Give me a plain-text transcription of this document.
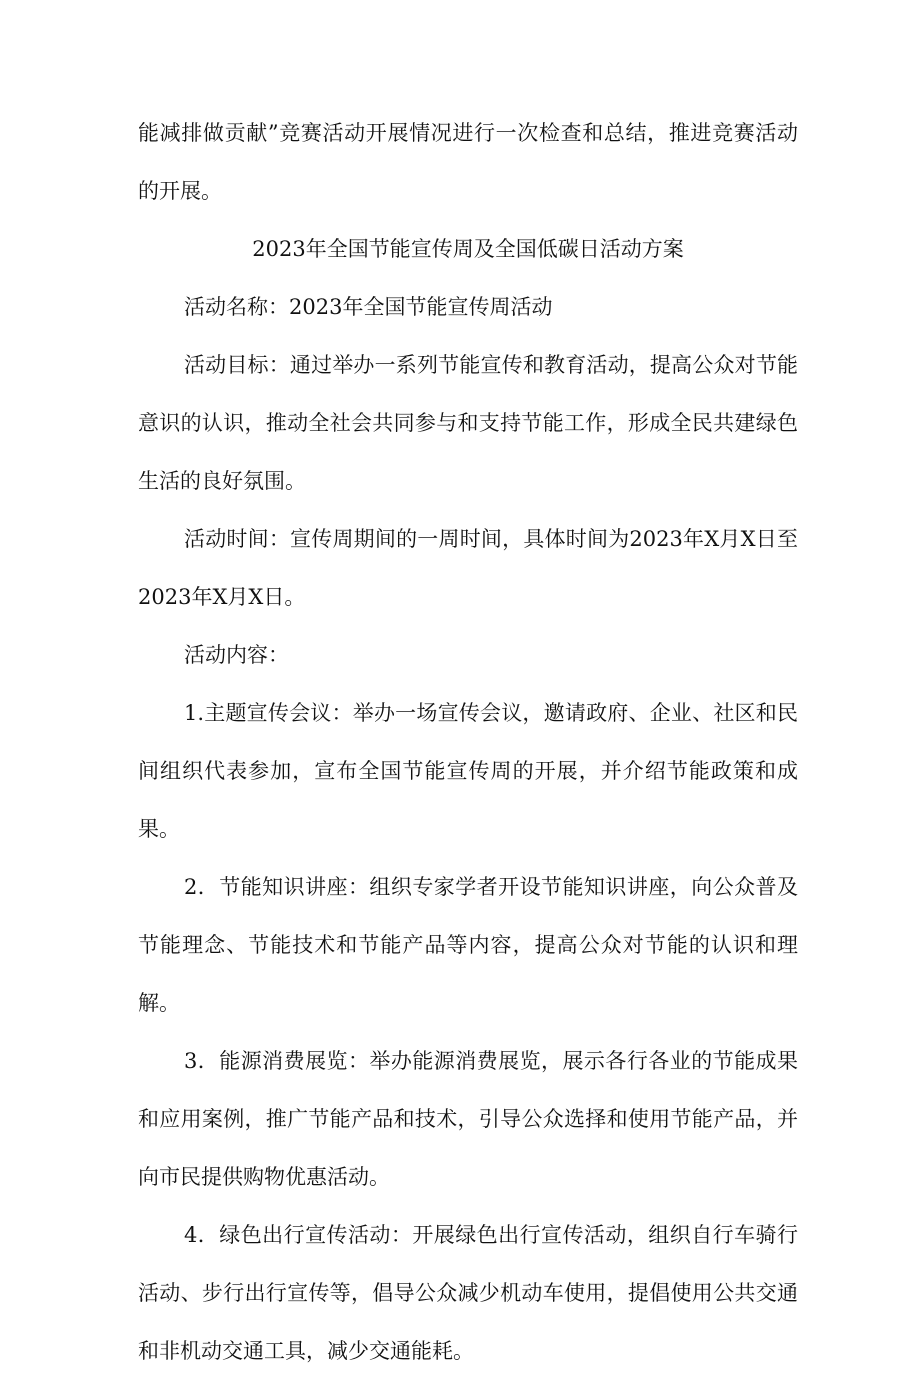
能减排做贡献”竞赛活动开展情况进行一次检查和总结，推进竞赛活动的开展。

2023年全国节能宣传周及全国低碳日活动方案

活动名称：2023年全国节能宣传周活动

活动目标：通过举办一系列节能宣传和教育活动，提高公众对节能意识的认识，推动全社会共同参与和支持节能工作，形成全民共建绿色生活的良好氛围。

活动时间：宣传周期间的一周时间，具体时间为2023年X月X日至2023年X月X日。

活动内容：

1.主题宣传会议：举办一场宣传会议，邀请政府、企业、社区和民间组织代表参加，宣布全国节能宣传周的开展，并介绍节能政策和成果。

2．节能知识讲座：组织专家学者开设节能知识讲座，向公众普及节能理念、节能技术和节能产品等内容，提高公众对节能的认识和理解。

3．能源消费展览：举办能源消费展览，展示各行各业的节能成果和应用案例，推广节能产品和技术，引导公众选择和使用节能产品，并向市民提供购物优惠活动。

4．绿色出行宣传活动：开展绿色出行宣传活动，组织自行车骑行活动、步行出行宣传等，倡导公众减少机动车使用，提倡使用公共交通和非机动交通工具，减少交通能耗。
